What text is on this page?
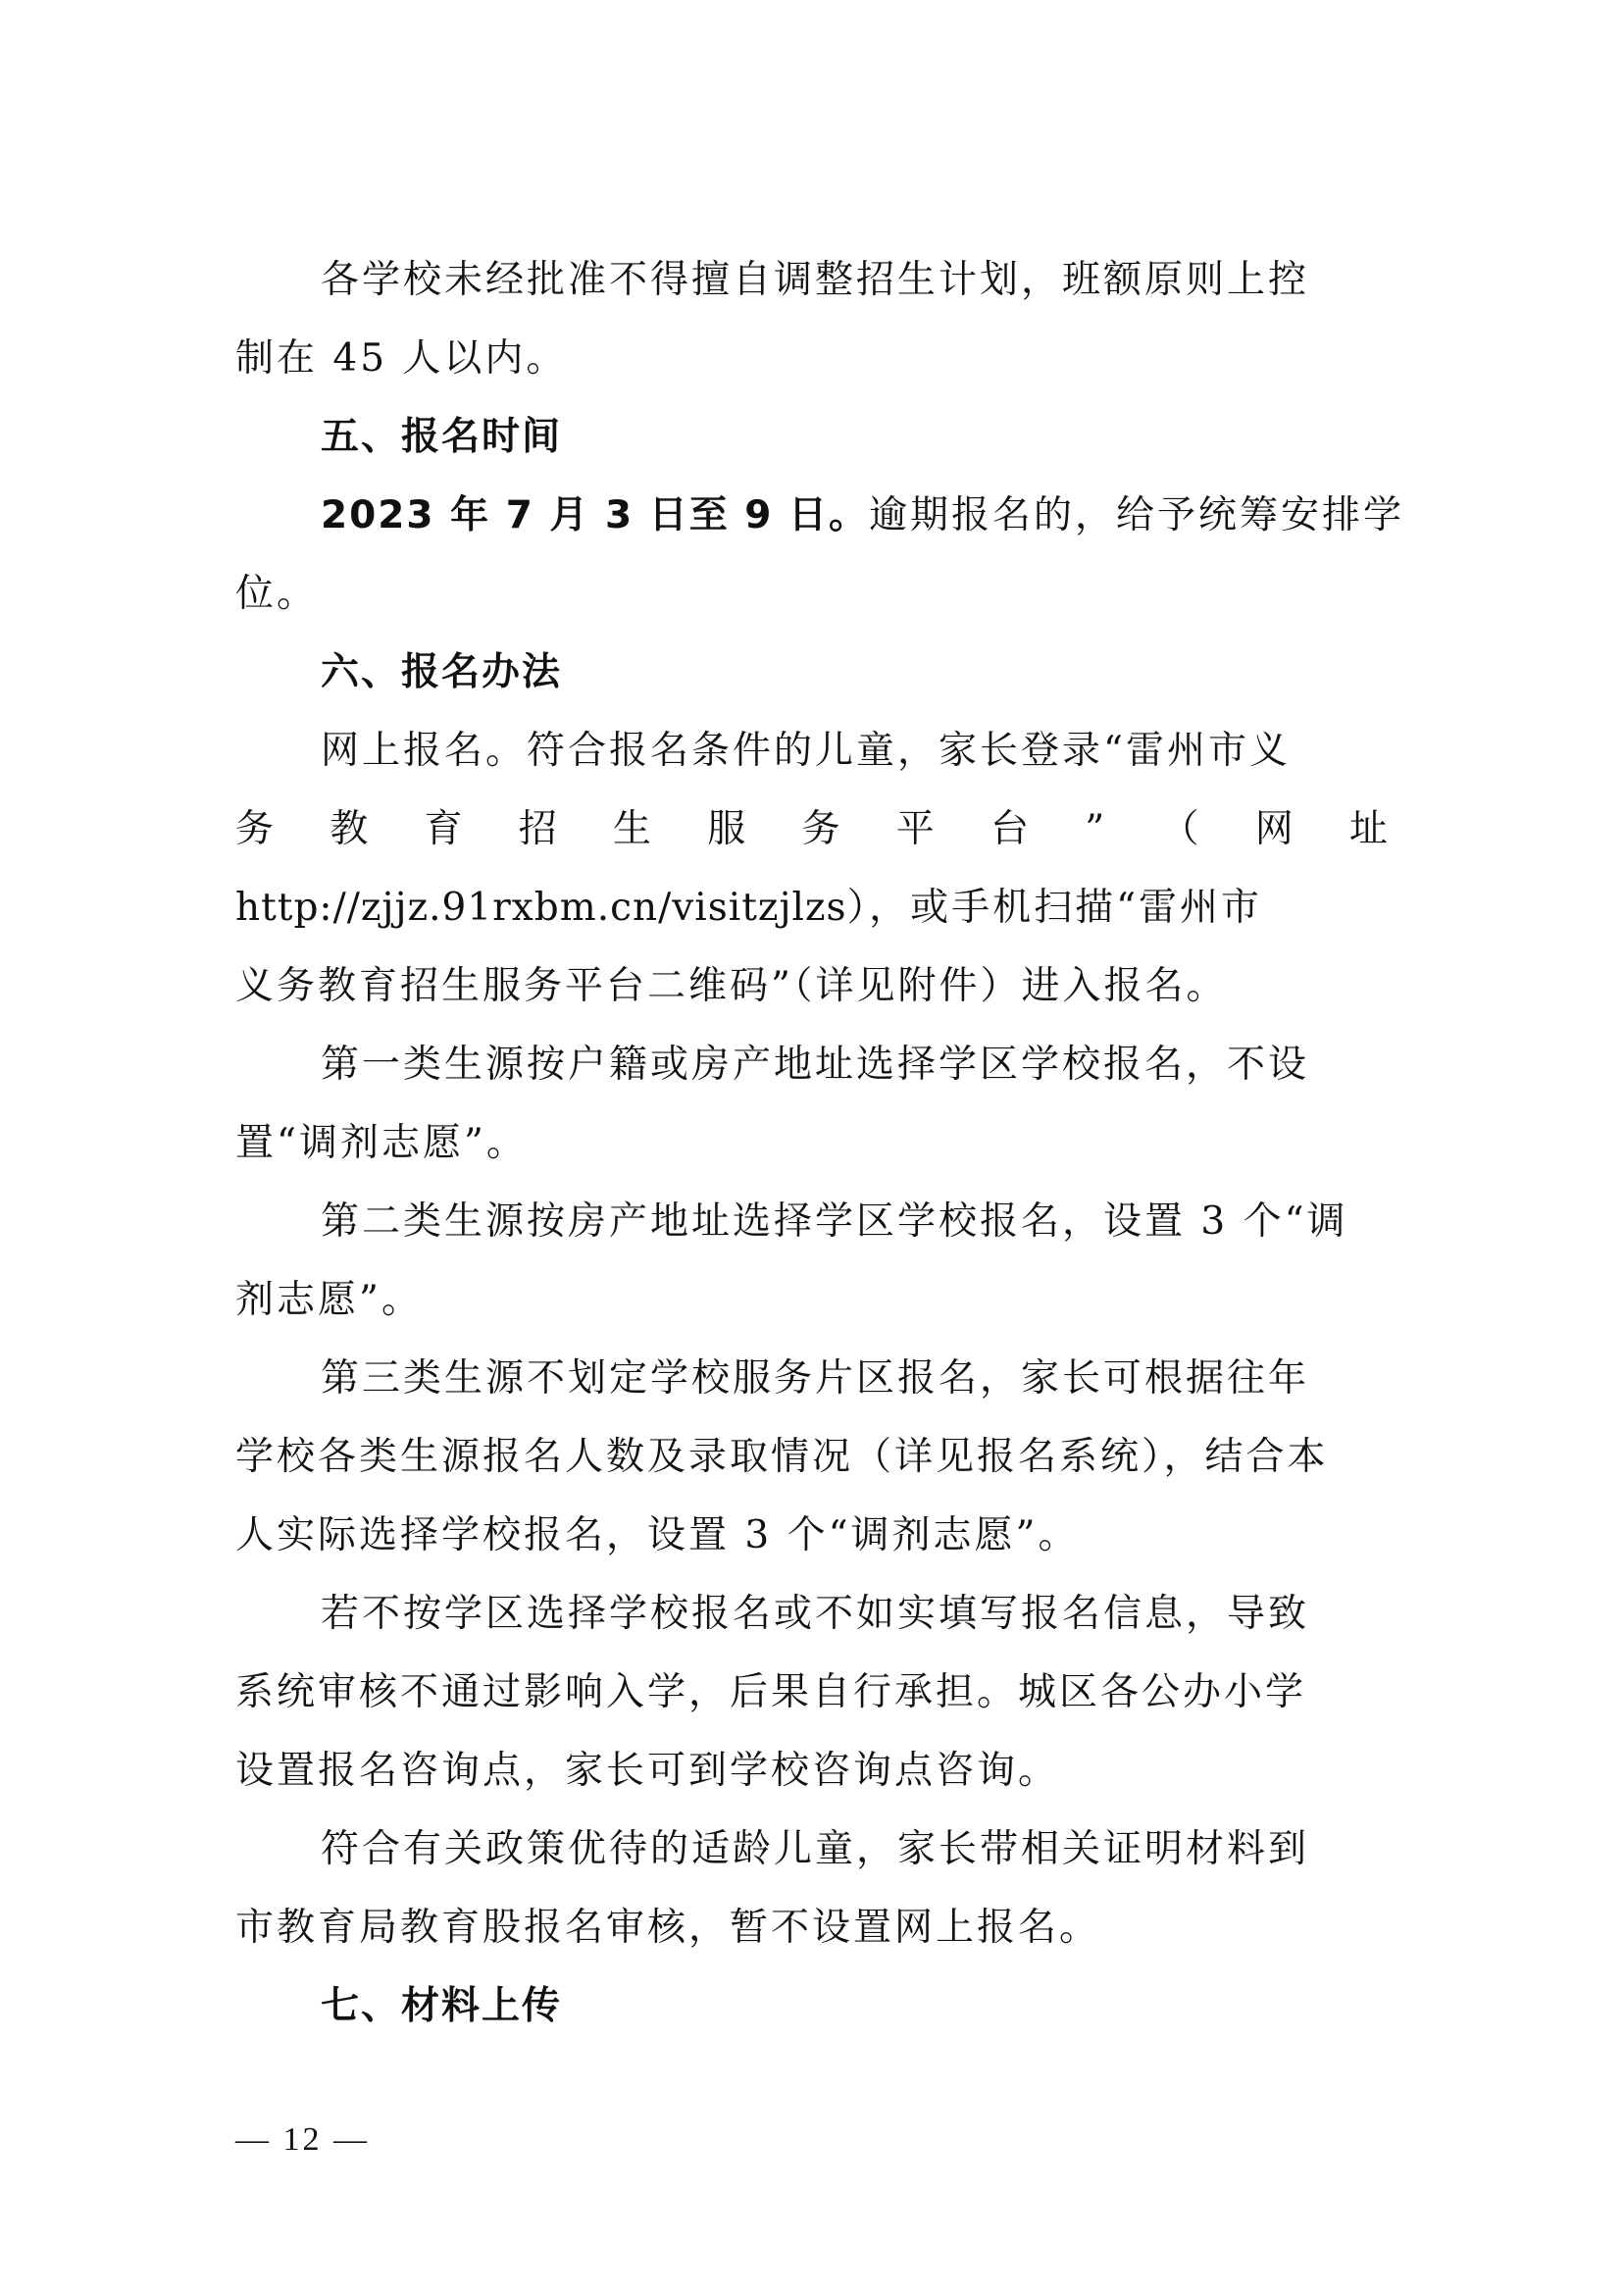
各学校未经批准不得擅自调整招生计划，班额原则上控
制在 45 人以内。
五、报名时间
2023 年 7 月 3 日至 9 日。逾期报名的，给予统筹安排学
位。
六、报名办法
网上报名。符合报名条件的儿童，家长登录“雷州市义
务 教 育 招 生 服 务 平 台 ” （ 网 址
http://zjjz.91rxbm.cn/visitzjlzs），或手机扫描“雷州市
义务教育招生服务平台二维码”（详见附件）进入报名。
第一类生源按户籍或房产地址选择学区学校报名，不设
置“调剂志愿”。
第二类生源按房产地址选择学区学校报名，设置 3 个“调
剂志愿”。
第三类生源不划定学校服务片区报名，家长可根据往年
学校各类生源报名人数及录取情况（详见报名系统），结合本
人实际选择学校报名，设置 3 个“调剂志愿”。
若不按学区选择学校报名或不如实填写报名信息，导致
系统审核不通过影响入学，后果自行承担。城区各公办小学
设置报名咨询点，家长可到学校咨询点咨询。
符合有关政策优待的适龄儿童，家长带相关证明材料到
市教育局教育股报名审核，暂不设置网上报名。
七、材料上传
— 12 —
